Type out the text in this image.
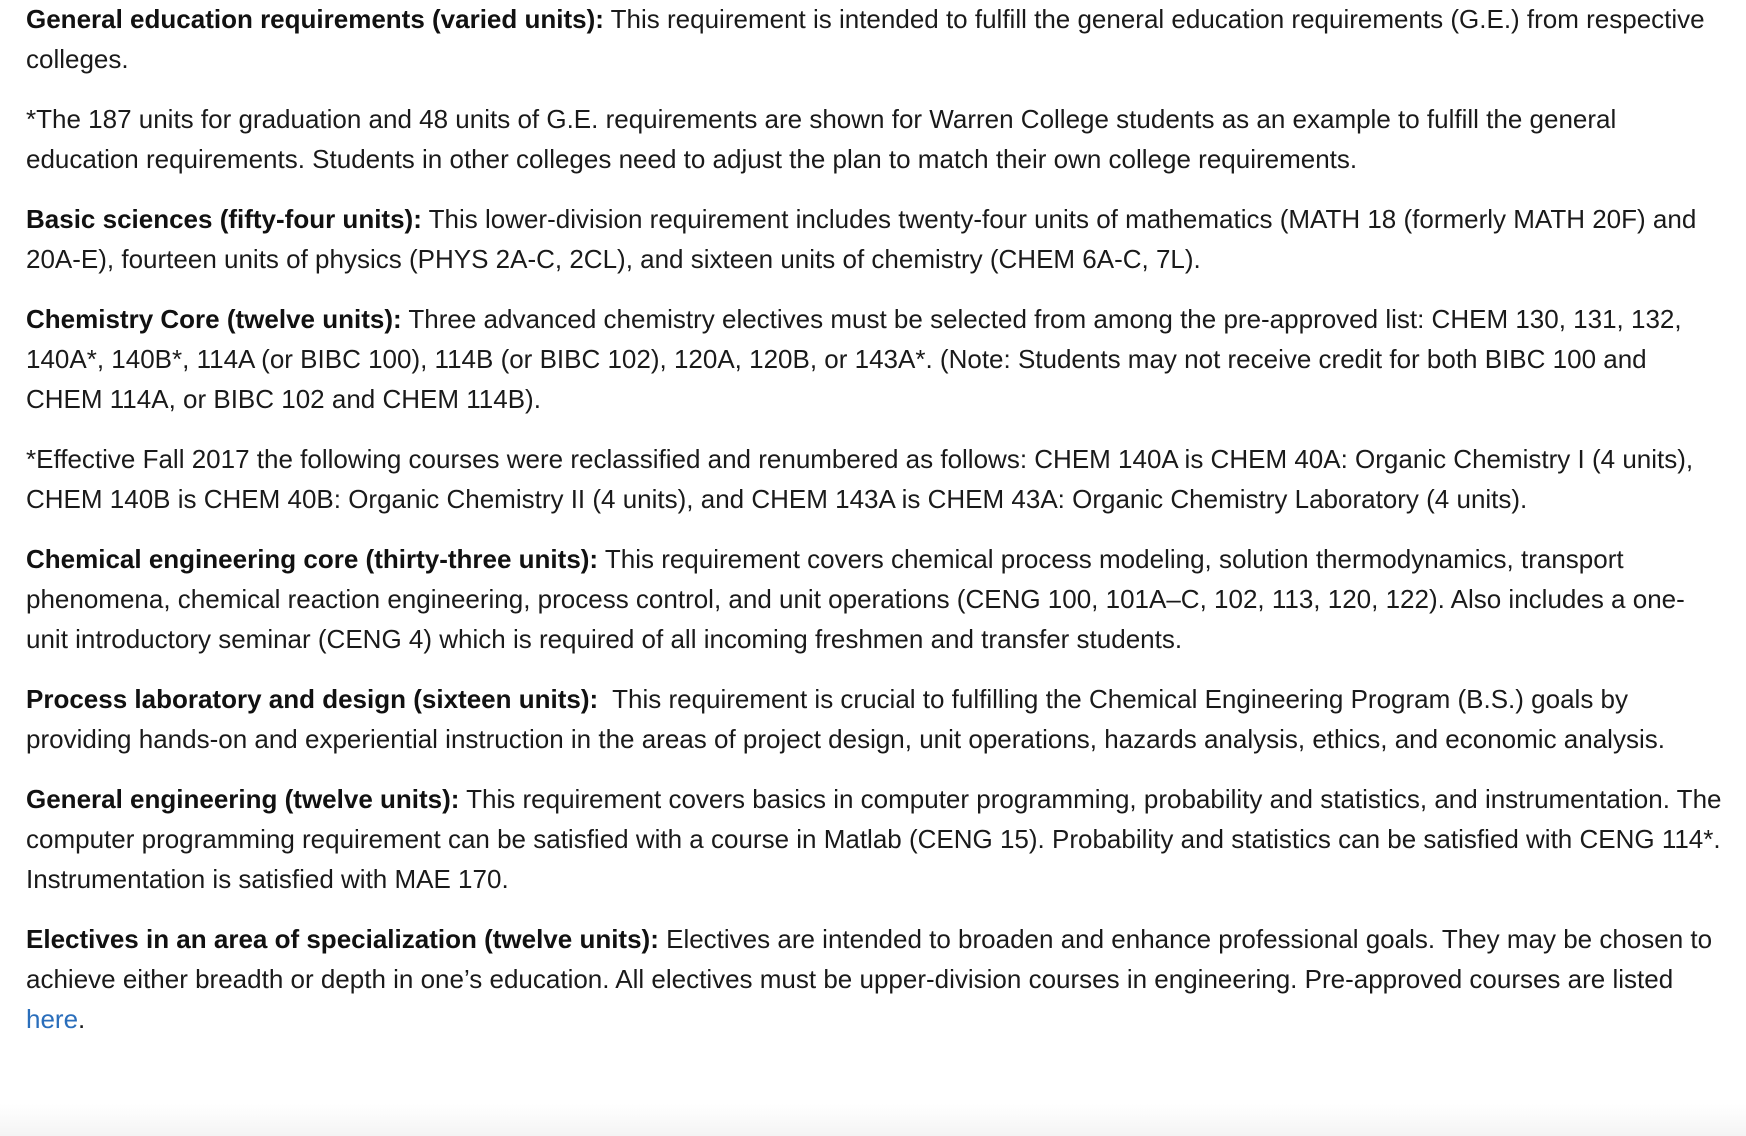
General education requirements (varied units): This requirement is intended to fulfill the general education requirements (G.E.) from respective colleges.

*The 187 units for graduation and 48 units of G.E. requirements are shown for Warren College students as an example to fulfill the general education requirements. Students in other colleges need to adjust the plan to match their own college requirements.

Basic sciences (fifty-four units): This lower-division requirement includes twenty-four units of mathematics (MATH 18 (formerly MATH 20F) and 20A-E), fourteen units of physics (PHYS 2A-C, 2CL), and sixteen units of chemistry (CHEM 6A-C, 7L).

Chemistry Core (twelve units): Three advanced chemistry electives must be selected from among the pre-approved list: CHEM 130, 131, 132, 140A*, 140B*, 114A (or BIBC 100), 114B (or BIBC 102), 120A, 120B, or 143A*. (Note: Students may not receive credit for both BIBC 100 and CHEM 114A, or BIBC 102 and CHEM 114B).

*Effective Fall 2017 the following courses were reclassified and renumbered as follows: CHEM 140A is CHEM 40A: Organic Chemistry I (4 units), CHEM 140B is CHEM 40B: Organic Chemistry II (4 units), and CHEM 143A is CHEM 43A: Organic Chemistry Laboratory (4 units).

Chemical engineering core (thirty-three units): This requirement covers chemical process modeling, solution thermodynamics, transport phenomena, chemical reaction engineering, process control, and unit operations (CENG 100, 101A–C, 102, 113, 120, 122). Also includes a one-unit introductory seminar (CENG 4) which is required of all incoming freshmen and transfer students.

Process laboratory and design (sixteen units):  This requirement is crucial to fulfilling the Chemical Engineering Program (B.S.) goals by providing hands-on and experiential instruction in the areas of project design, unit operations, hazards analysis, ethics, and economic analysis.

General engineering (twelve units): This requirement covers basics in computer programming, probability and statistics, and instrumentation. The computer programming requirement can be satisfied with a course in Matlab (CENG 15). Probability and statistics can be satisfied with CENG 114*. Instrumentation is satisfied with MAE 170.

Electives in an area of specialization (twelve units): Electives are intended to broaden and enhance professional goals. They may be chosen to achieve either breadth or depth in one’s education. All electives must be upper-division courses in engineering. Pre-approved courses are listed here.
